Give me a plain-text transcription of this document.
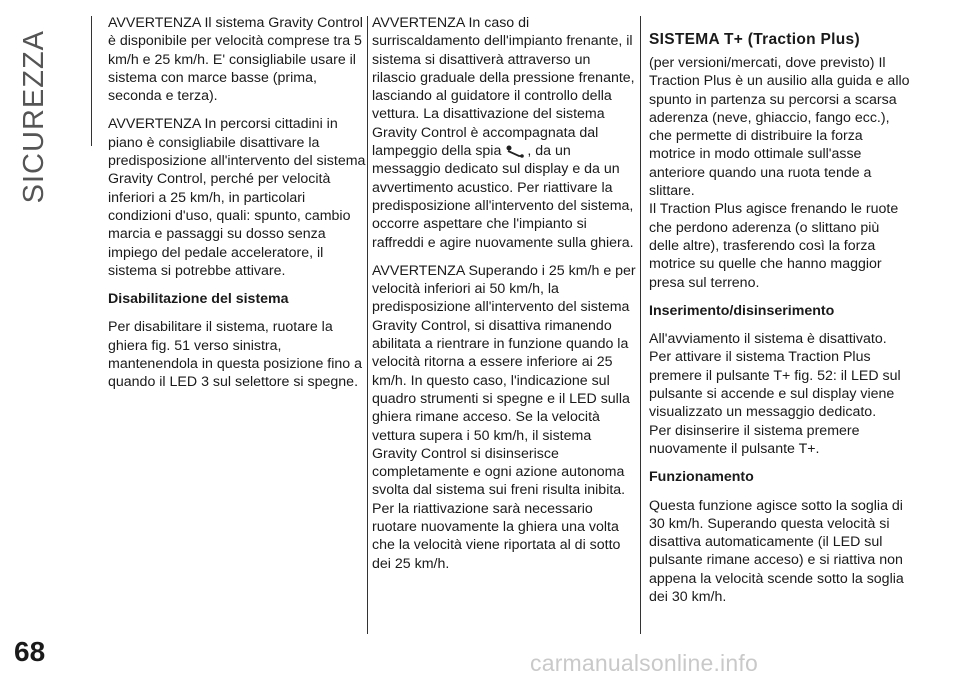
SICUREZZA
68

AVVERTENZA Il sistema Gravity Control è disponibile per velocità comprese tra 5 km/h e 25 km/h. E' consigliabile usare il sistema con marce basse (prima, seconda e terza).

AVVERTENZA In percorsi cittadini in piano è consigliabile disattivare la predisposizione all'intervento del sistema Gravity Control, perché per velocità inferiori a 25 km/h, in particolari condizioni d'uso, quali: spunto, cambio marcia e passaggi su dosso senza impiego del pedale acceleratore, il sistema si potrebbe attivare.

Disabilitazione del sistema

Per disabilitare il sistema, ruotare la ghiera fig. 51 verso sinistra, mantenendola in questa posizione fino a quando il LED 3 sul selettore si spegne.

AVVERTENZA In caso di surriscaldamento dell'impianto frenante, il sistema si disattiverà attraverso un rilascio graduale della pressione frenante, lasciando al guidatore il controllo della vettura. La disattivazione del sistema Gravity Control è accompagnata dal lampeggio della spia , da un messaggio dedicato sul display e da un avvertimento acustico. Per riattivare la predisposizione all'intervento del sistema, occorre aspettare che l'impianto si raffreddi e agire nuovamente sulla ghiera.

AVVERTENZA Superando i 25 km/h e per velocità inferiori ai 50 km/h, la predisposizione all'intervento del sistema Gravity Control, si disattiva rimanendo abilitata a rientrare in funzione quando la velocità ritorna a essere inferiore ai 25 km/h. In questo caso, l'indicazione sul quadro strumenti si spegne e il LED sulla ghiera rimane acceso. Se la velocità vettura supera i 50 km/h, il sistema Gravity Control si disinserisce completamente e ogni azione autonoma svolta dal sistema sui freni risulta inibita. Per la riattivazione sarà necessario ruotare nuovamente la ghiera una volta che la velocità viene riportata al di sotto dei 25 km/h.

SISTEMA T+ (Traction Plus)

(per versioni/mercati, dove previsto) Il Traction Plus è un ausilio alla guida e allo spunto in partenza su percorsi a scarsa aderenza (neve, ghiaccio, fango ecc.), che permette di distribuire la forza motrice in modo ottimale sull'asse anteriore quando una ruota tende a slittare.

Il Traction Plus agisce frenando le ruote che perdono aderenza (o slittano più delle altre), trasferendo così la forza motrice su quelle che hanno maggior presa sul terreno.

Inserimento/disinserimento

All'avviamento il sistema è disattivato. Per attivare il sistema Traction Plus premere il pulsante T+ fig. 52: il LED sul pulsante si accende e sul display viene visualizzato un messaggio dedicato.

Per disinserire il sistema premere nuovamente il pulsante T+.

Funzionamento

Questa funzione agisce sotto la soglia di 30 km/h. Superando questa velocità si disattiva automaticamente (il LED sul pulsante rimane acceso) e si riattiva non appena la velocità scende sotto la soglia dei 30 km/h.

carmanualsonline.info
